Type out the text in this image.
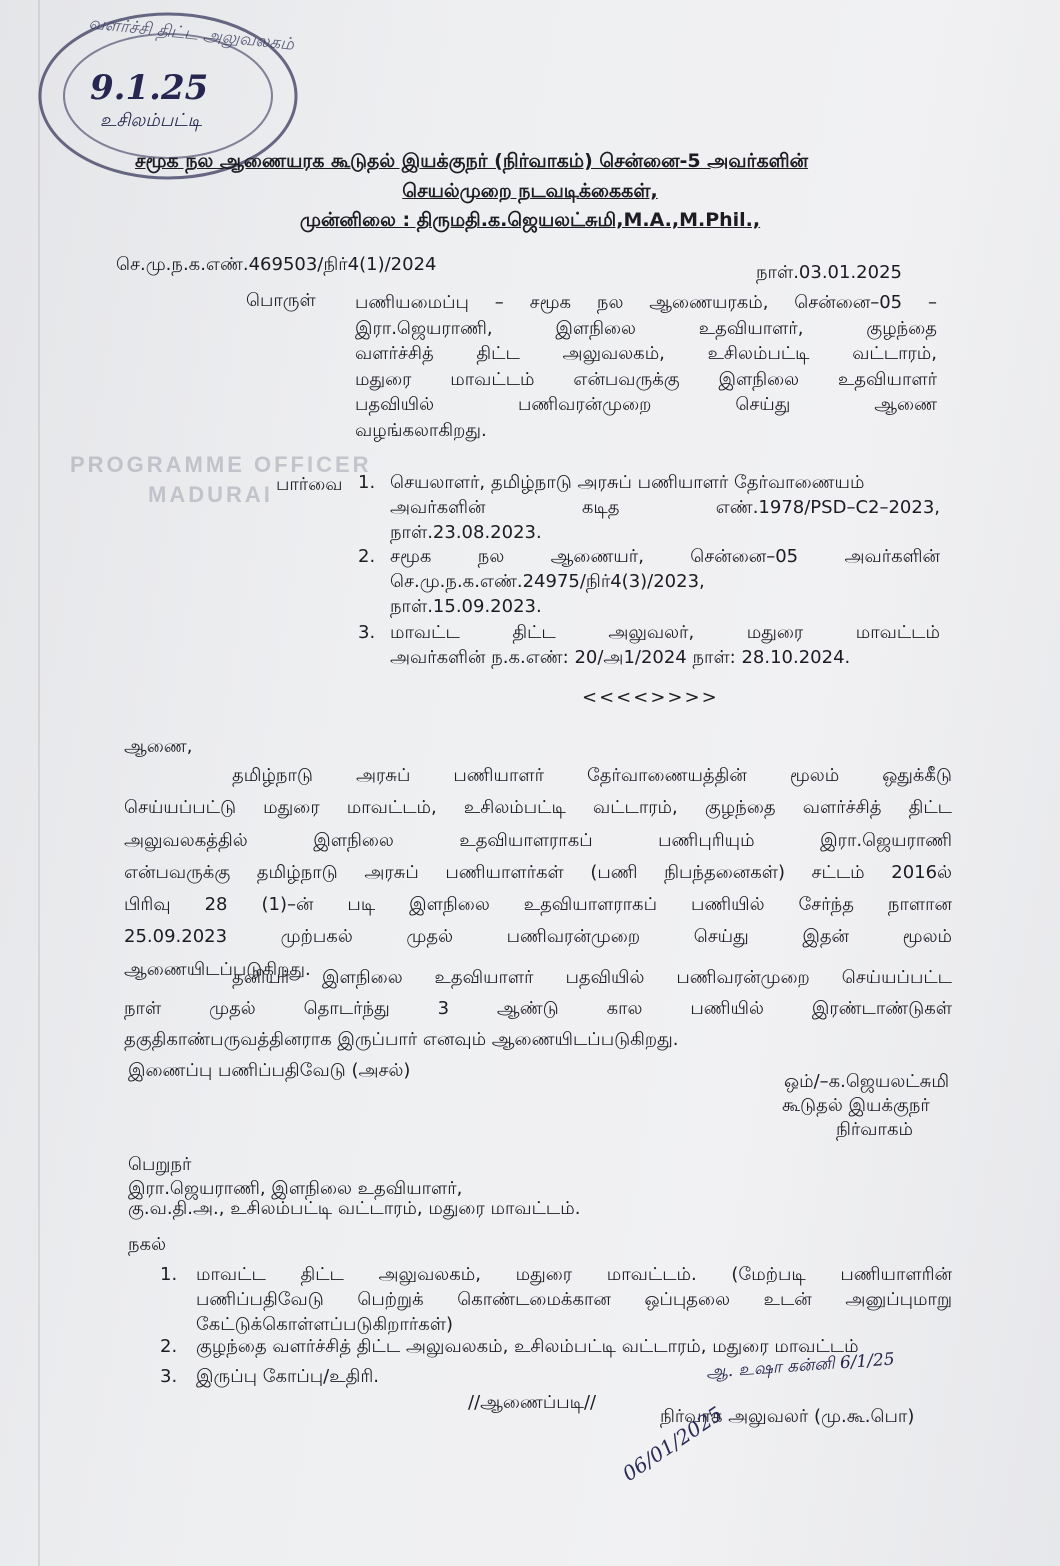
வளர்ச்சி திட்ட அலுவலகம்
9.1.25
உசிலம்பட்டி
சமூக நல ஆணையரக கூடுதல் இயக்குநர் (நிர்வாகம்) சென்னை-5 அவர்களின்
செயல்முறை நடவடிக்கைகள்,
முன்னிலை : திருமதி.க.ஜெயலட்சுமி,M.A.,M.Phil.,
செ.மு.ந.க.எண்.469503/நிர்4(1)/2024	நாள்.03.01.2025
பொருள் பணியமைப்பு – சமூக நல ஆணையரகம், சென்னை–05 –
இரா.ஜெயராணி, இளநிலை உதவியாளர், குழந்தை
வளர்ச்சித் திட்ட அலுவலகம், உசிலம்பட்டி வட்டாரம்,
மதுரை மாவட்டம் என்பவருக்கு இளநிலை உதவியாளர்
பதவியில் பணிவரன்முறை செய்து ஆணை
வழங்கலாகிறது.
PROGRAMME OFFICER
MADURAI பார்வை 1. செயலாளர், தமிழ்நாடு அரசுப் பணியாளர் தேர்வாணையம்
அவர்களின் கடித எண்.1978/PSD–C2–2023,
நாள்.23.08.2023.
2. சமூக நல ஆணையர், சென்னை–05 அவர்களின்
செ.மு.ந.க.எண்.24975/நிர்4(3)/2023,
நாள்.15.09.2023.
3. மாவட்ட திட்ட அலுவலர், மதுரை மாவட்டம்
அவர்களின் ந.க.எண்: 20/அ1/2024 நாள்: 28.10.2024.
<<<<>>>>
ஆணை,
தமிழ்நாடு அரசுப் பணியாளர் தேர்வாணையத்தின் மூலம் ஒதுக்கீடு
செய்யப்பட்டு மதுரை மாவட்டம், உசிலம்பட்டி வட்டாரம், குழந்தை வளர்ச்சித் திட்ட
அலுவலகத்தில் இளநிலை உதவியாளராகப் பணிபுரியும் இரா.ஜெயராணி
என்பவருக்கு தமிழ்நாடு அரசுப் பணியாளர்கள் (பணி நிபந்தனைகள்) சட்டம் 2016ல்
பிரிவு 28 (1)–ன் படி இளநிலை உதவியாளராகப் பணியில் சேர்ந்த நாளான
25.09.2023 முற்பகல் முதல் பணிவரன்முறை செய்து இதன் மூலம்
ஆணையிடப்படுகிறது.
தனியர் இளநிலை உதவியாளர் பதவியில் பணிவரன்முறை செய்யப்பட்ட
நாள் முதல் தொடர்ந்து 3 ஆண்டு கால பணியில் இரண்டாண்டுகள்
தகுதிகாண்பருவத்தினராக இருப்பார் எனவும் ஆணையிடப்படுகிறது.
இணைப்பு பணிப்பதிவேடு (அசல்)
ஒம்/–க.ஜெயலட்சுமி
கூடுதல் இயக்குநர்
நிர்வாகம்
பெறுநர்
இரா.ஜெயராணி, இளநிலை உதவியாளர்,
கு.வ.தி.அ., உசிலம்பட்டி வட்டாரம், மதுரை மாவட்டம்.
நகல்
1. மாவட்ட திட்ட அலுவலகம், மதுரை மாவட்டம். (மேற்படி பணியாளரின்
பணிப்பதிவேடு பெற்றுக் கொண்டமைக்கான ஒப்புதலை உடன் அனுப்புமாறு
கேட்டுக்கொள்ளப்படுகிறார்கள்)
2. குழந்தை வளர்ச்சித் திட்ட அலுவலகம், உசிலம்பட்டி வட்டாரம், மதுரை மாவட்டம்
3. இருப்பு கோப்பு/உதிரி.
//ஆணைப்படி//
ஆ. உஷா கன்னி 6/1/25
நிர்வாக அலுவலர் (மு.கூ.பொ)
06/01/2025
